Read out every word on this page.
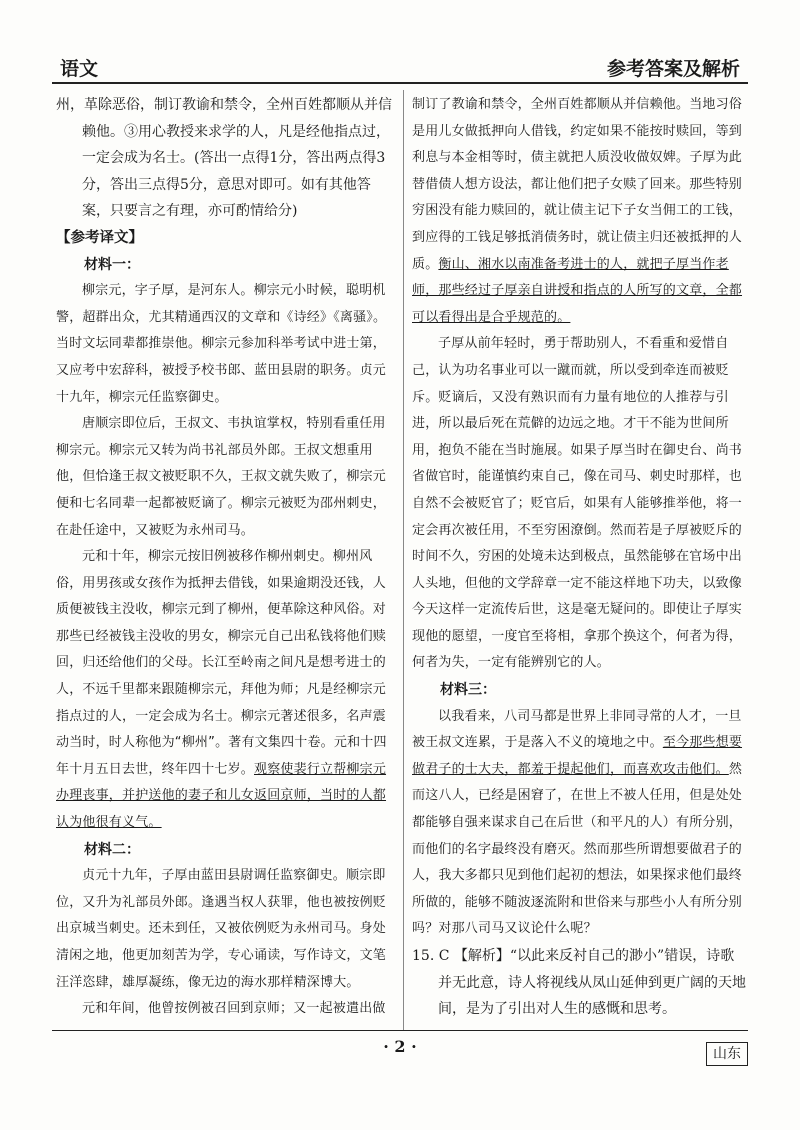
语文	参考答案及解析

州，革除恶俗，制订教谕和禁令，全州百姓都顺从并信赖他。③用心教授来求学的人，凡是经他指点过，一定会成为名士。(答出一点得1分，答出两点得3分，答出三点得5分，意思对即可。如有其他答案，只要言之有理，亦可酌情给分)

【参考译文】

材料一：

柳宗元，字子厚，是河东人。柳宗元小时候，聪明机警，超群出众，尤其精通西汉的文章和《诗经》《离骚》。当时文坛同辈都推崇他。柳宗元参加科举考试中进士第，又应考中宏辞科，被授予校书郎、蓝田县尉的职务。贞元十九年，柳宗元任监察御史。

唐顺宗即位后，王叔文、韦执谊掌权，特别看重任用柳宗元。柳宗元又转为尚书礼部员外郎。王叔文想重用他，但恰逢王叔文被贬职不久，王叔文就失败了，柳宗元便和七名同辈一起都被贬谪了。柳宗元被贬为邵州刺史，在赴任途中，又被贬为永州司马。

元和十年，柳宗元按旧例被移作柳州刺史。柳州风俗，用男孩或女孩作为抵押去借钱，如果逾期没还钱，人质便被钱主没收，柳宗元到了柳州，便革除这种风俗。对那些已经被钱主没收的男女，柳宗元自己出私钱将他们赎回，归还给他们的父母。长江至岭南之间凡是想考进士的人，不远千里都来跟随柳宗元，拜他为师；凡是经柳宗元指点过的人，一定会成为名士。柳宗元著述很多，名声震动当时，时人称他为“柳州”。著有文集四十卷。元和十四年十月五日去世，终年四十七岁。观察使裴行立帮柳宗元办理丧事，并护送他的妻子和儿女返回京师，当时的人都认为他很有义气。

材料二：

贞元十九年，子厚由蓝田县尉调任监察御史。顺宗即位，又升为礼部员外郎。逢遇当权人获罪，他也被按例贬出京城当刺史。还未到任，又被依例贬为永州司马。身处清闲之地，他更加刻苦为学，专心诵读，写作诗文，文笔汪洋恣肆，雄厚凝练，像无边的海水那样精深博大。

元和年间，他曾按例被召回到京师；又一起被遣出做

制订了教谕和禁令，全州百姓都顺从并信赖他。当地习俗是用儿女做抵押向人借钱，约定如果不能按时赎回，等到利息与本金相等时，债主就把人质没收做奴婢。子厚为此替借债人想方设法，都让他们把子女赎了回来。那些特别穷困没有能力赎回的，就让债主记下子女当佣工的工钱，到应得的工钱足够抵消债务时，就让债主归还被抵押的人质。衡山、湘水以南准备考进士的人，就把子厚当作老师，那些经过子厚亲自讲授和指点的人所写的文章，全都可以看得出是合乎规范的。

子厚从前年轻时，勇于帮助别人，不看重和爱惜自己，认为功名事业可以一蹴而就，所以受到牵连而被贬斥。贬谪后，又没有熟识而有力量有地位的人推荐与引进，所以最后死在荒僻的边远之地。才干不能为世间所用，抱负不能在当时施展。如果子厚当时在御史台、尚书省做官时，能谨慎约束自己，像在司马、刺史时那样，也自然不会被贬官了；贬官后，如果有人能够推举他，将一定会再次被任用，不至穷困潦倒。然而若是子厚被贬斥的时间不久，穷困的处境未达到极点，虽然能够在官场中出人头地，但他的文学辞章一定不能这样地下功夫，以致像今天这样一定流传后世，这是毫无疑问的。即使让子厚实现他的愿望，一度官至将相，拿那个换这个，何者为得，何者为失，一定有能辨别它的人。

材料三：

以我看来，八司马都是世界上非同寻常的人才，一旦被王叔文连累，于是落入不义的境地之中。至今那些想要做君子的士大夫，都羞于提起他们，而喜欢攻击他们。然而这八人，已经是困窘了，在世上不被人任用，但是处处都能够自强来谋求自己在后世（和平凡的人）有所分别，而他们的名字最终没有磨灭。然而那些所谓想要做君子的人，我大多都只见到他们起初的想法，如果探求他们最终所做的，能够不随波逐流附和世俗来与那些小人有所分别吗？对那八司马又议论什么呢？

15. C 【解析】“以此来反衬自己的渺小”错误，诗歌并无此意，诗人将视线从凤山延伸到更广阔的天地间，是为了引出对人生的感慨和思考。

· 2 ·	山东
